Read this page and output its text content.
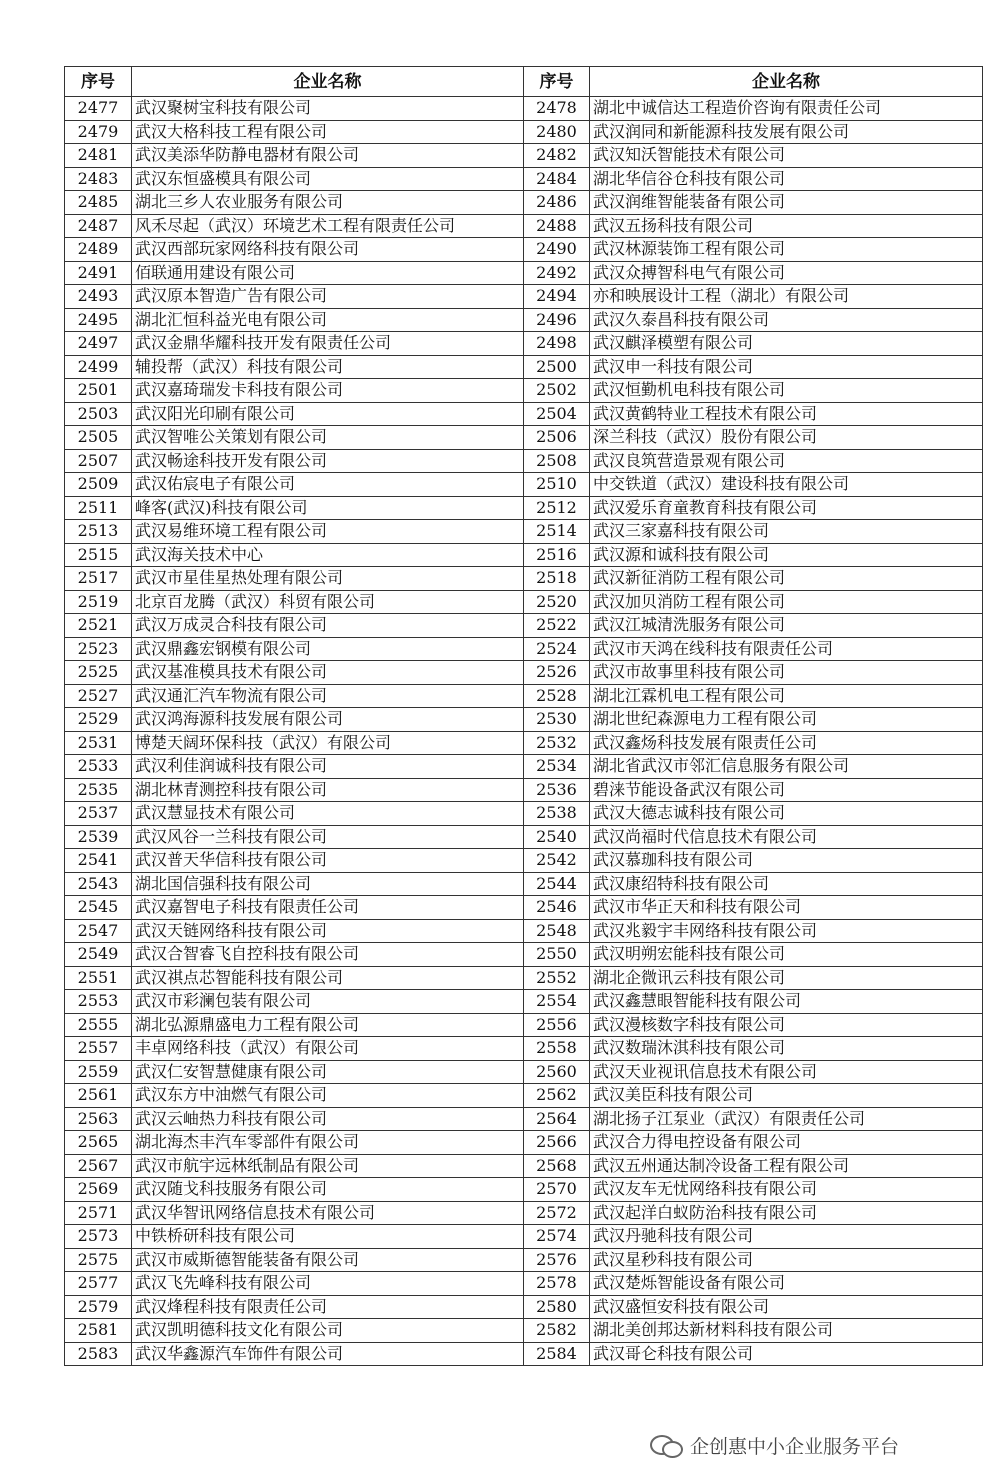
序号	企业名称	序号	企业名称
2477	武汉聚树宝科技有限公司	2478	湖北中诚信达工程造价咨询有限责任公司
2479	武汉大格科技工程有限公司	2480	武汉润同和新能源科技发展有限公司
2481	武汉美添华防静电器材有限公司	2482	武汉知沃智能技术有限公司
2483	武汉东恒盛模具有限公司	2484	湖北华信谷仓科技有限公司
2485	湖北三乡人农业服务有限公司	2486	武汉润维智能装备有限公司
2487	风禾尽起（武汉）环境艺术工程有限责任公司	2488	武汉五扬科技有限公司
2489	武汉西部玩家网络科技有限公司	2490	武汉林源装饰工程有限公司
2491	佰联通用建设有限公司	2492	武汉众搏智科电气有限公司
2493	武汉原本智造广告有限公司	2494	亦和映展设计工程（湖北）有限公司
2495	湖北汇恒科益光电有限公司	2496	武汉久泰昌科技有限公司
2497	武汉金鼎华耀科技开发有限责任公司	2498	武汉麒泽模塑有限公司
2499	辅投帮（武汉）科技有限公司	2500	武汉申一科技有限公司
2501	武汉嘉琦瑞发卡科技有限公司	2502	武汉恒勤机电科技有限公司
2503	武汉阳光印刷有限公司	2504	武汉黄鹤特业工程技术有限公司
2505	武汉智唯公关策划有限公司	2506	深兰科技（武汉）股份有限公司
2507	武汉畅途科技开发有限公司	2508	武汉良筑营造景观有限公司
2509	武汉佑宸电子有限公司	2510	中交铁道（武汉）建设科技有限公司
2511	峰客(武汉)科技有限公司	2512	武汉爱乐育童教育科技有限公司
2513	武汉易维环境工程有限公司	2514	武汉三家嘉科技有限公司
2515	武汉海关技术中心	2516	武汉源和诚科技有限公司
2517	武汉市星佳星热处理有限公司	2518	武汉新征消防工程有限公司
2519	北京百龙腾（武汉）科贸有限公司	2520	武汉加贝消防工程有限公司
2521	武汉万成灵合科技有限公司	2522	武汉江城清洗服务有限公司
2523	武汉鼎鑫宏钢模有限公司	2524	武汉市天鸿在线科技有限责任公司
2525	武汉基准模具技术有限公司	2526	武汉市故事里科技有限公司
2527	武汉通汇汽车物流有限公司	2528	湖北江霖机电工程有限公司
2529	武汉鸿海源科技发展有限公司	2530	湖北世纪森源电力工程有限公司
2531	博楚天阔环保科技（武汉）有限公司	2532	武汉鑫炀科技发展有限责任公司
2533	武汉利佳润诚科技有限公司	2534	湖北省武汉市邻汇信息服务有限公司
2535	湖北林青测控科技有限公司	2536	碧涞节能设备武汉有限公司
2537	武汉慧显技术有限公司	2538	武汉大德志诚科技有限公司
2539	武汉风谷一兰科技有限公司	2540	武汉尚福时代信息技术有限公司
2541	武汉普天华信科技有限公司	2542	武汉慕珈科技有限公司
2543	湖北国信强科技有限公司	2544	武汉康绍特科技有限公司
2545	武汉嘉智电子科技有限责任公司	2546	武汉市华正天和科技有限公司
2547	武汉天链网络科技有限公司	2548	武汉兆毅宇丰网络科技有限公司
2549	武汉合智睿飞自控科技有限公司	2550	武汉明朔宏能科技有限公司
2551	武汉祺点芯智能科技有限公司	2552	湖北企微讯云科技有限公司
2553	武汉市彩澜包装有限公司	2554	武汉鑫慧眼智能科技有限公司
2555	湖北弘源鼎盛电力工程有限公司	2556	武汉漫核数字科技有限公司
2557	丰卓网络科技（武汉）有限公司	2558	武汉数瑞沐淇科技有限公司
2559	武汉仁安智慧健康有限公司	2560	武汉天业视讯信息技术有限公司
2561	武汉东方中油燃气有限公司	2562	武汉美臣科技有限公司
2563	武汉云岫热力科技有限公司	2564	湖北扬子江泵业（武汉）有限责任公司
2565	湖北海杰丰汽车零部件有限公司	2566	武汉合力得电控设备有限公司
2567	武汉市航宇远林纸制品有限公司	2568	武汉五州通达制冷设备工程有限公司
2569	武汉随戈科技服务有限公司	2570	武汉友车无忧网络科技有限公司
2571	武汉华智讯网络信息技术有限公司	2572	武汉起洋白蚁防治科技有限公司
2573	中铁桥研科技有限公司	2574	武汉丹驰科技有限公司
2575	武汉市威斯德智能装备有限公司	2576	武汉星秒科技有限公司
2577	武汉飞先峰科技有限公司	2578	武汉楚烁智能设备有限公司
2579	武汉烽程科技有限责任公司	2580	武汉盛恒安科技有限公司
2581	武汉凯明德科技文化有限公司	2582	湖北美创邦达新材料科技有限公司
2583	武汉华鑫源汽车饰件有限公司	2584	武汉哥仑科技有限公司
企创惠中小企业服务平台
